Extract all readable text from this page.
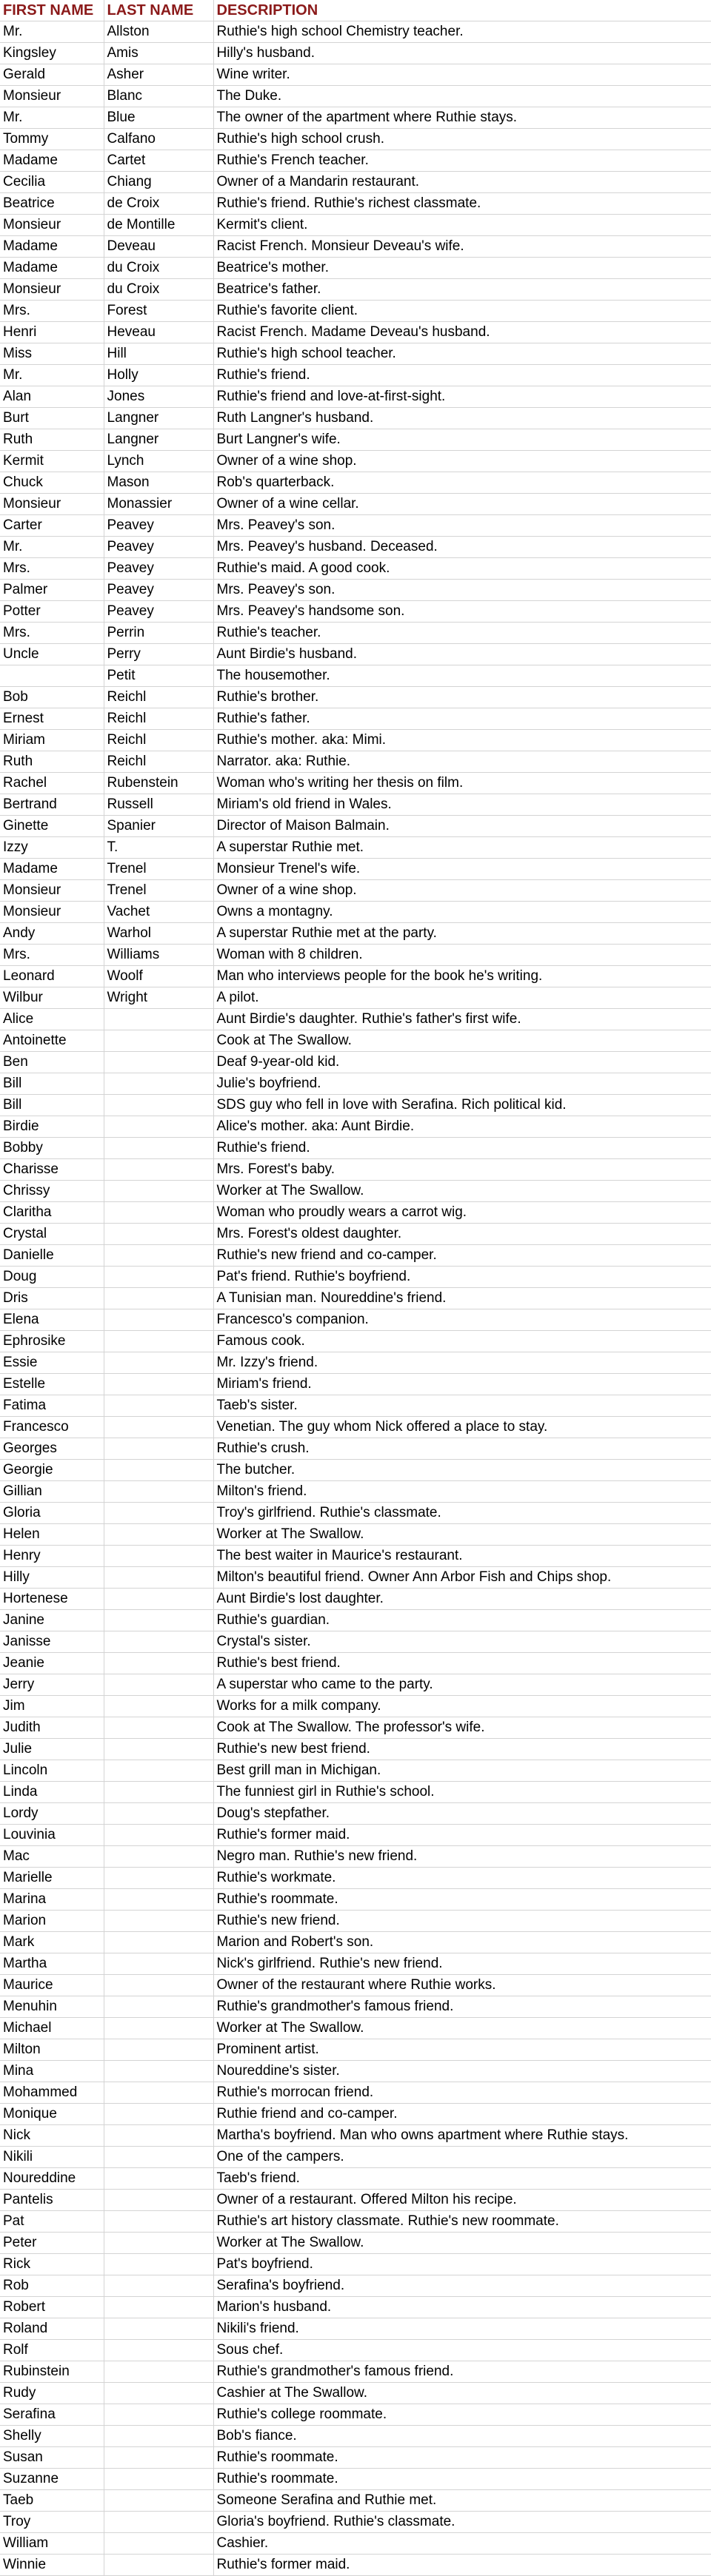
FIRST NAME	LAST NAME	DESCRIPTION
Mr.	Allston	Ruthie's high school Chemistry teacher.
Kingsley	Amis	Hilly's husband.
Gerald	Asher	Wine writer.
Monsieur	Blanc	The Duke.
Mr.	Blue	The owner of the apartment where Ruthie stays.
Tommy	Calfano	Ruthie's high school crush.
Madame	Cartet	Ruthie's French teacher.
Cecilia	Chiang	Owner of a Mandarin restaurant.
Beatrice	de Croix	Ruthie's friend. Ruthie's richest classmate.
Monsieur	de Montille	Kermit's client.
Madame	Deveau	Racist French. Monsieur Deveau's wife.
Madame	du Croix	Beatrice's mother.
Monsieur	du Croix	Beatrice's father.
Mrs.	Forest	Ruthie's favorite client.
Henri	Heveau	Racist French. Madame Deveau's husband.
Miss	Hill	Ruthie's high school teacher.
Mr.	Holly	Ruthie's friend.
Alan	Jones	Ruthie's friend and love-at-first-sight.
Burt	Langner	Ruth Langner's husband.
Ruth	Langner	Burt Langner's wife.
Kermit	Lynch	Owner of a wine shop.
Chuck	Mason	Rob's quarterback.
Monsieur	Monassier	Owner of a wine cellar.
Carter	Peavey	Mrs. Peavey's son.
Mr.	Peavey	Mrs. Peavey's husband. Deceased.
Mrs.	Peavey	Ruthie's maid. A good cook.
Palmer	Peavey	Mrs. Peavey's son.
Potter	Peavey	Mrs. Peavey's handsome son.
Mrs.	Perrin	Ruthie's teacher.
Uncle	Perry	Aunt Birdie's husband.
	Petit	The housemother.
Bob	Reichl	Ruthie's brother.
Ernest	Reichl	Ruthie's father.
Miriam	Reichl	Ruthie's mother. aka: Mimi.
Ruth	Reichl	Narrator. aka: Ruthie.
Rachel	Rubenstein	Woman who's writing her thesis on film.
Bertrand	Russell	Miriam's old friend in Wales.
Ginette	Spanier	Director of Maison Balmain.
Izzy	T.	A superstar Ruthie met.
Madame	Trenel	Monsieur Trenel's wife.
Monsieur	Trenel	Owner of a wine shop.
Monsieur	Vachet	Owns a montagny.
Andy	Warhol	A superstar Ruthie met at the party.
Mrs.	Williams	Woman with 8 children.
Leonard	Woolf	Man who interviews people for the book he's writing.
Wilbur	Wright	A pilot.
Alice		Aunt Birdie's daughter. Ruthie's father's first wife.
Antoinette		Cook at The Swallow.
Ben		Deaf 9-year-old kid.
Bill		Julie's boyfriend.
Bill		SDS guy who fell in love with Serafina. Rich political kid.
Birdie		Alice's mother. aka: Aunt Birdie.
Bobby		Ruthie's friend.
Charisse		Mrs. Forest's baby.
Chrissy		Worker at The Swallow.
Claritha		Woman who proudly wears a carrot wig.
Crystal		Mrs. Forest's oldest daughter.
Danielle		Ruthie's new friend and co-camper.
Doug		Pat's friend. Ruthie's boyfriend.
Dris		A Tunisian man. Noureddine's friend.
Elena		Francesco's companion.
Ephrosike		Famous cook.
Essie		Mr. Izzy's friend.
Estelle		Miriam's friend.
Fatima		Taeb's sister.
Francesco		Venetian. The guy whom Nick offered a place to stay.
Georges		Ruthie's crush.
Georgie		The butcher.
Gillian		Milton's friend.
Gloria		Troy's girlfriend. Ruthie's classmate.
Helen		Worker at The Swallow.
Henry		The best waiter in Maurice's restaurant.
Hilly		Milton's beautiful friend. Owner Ann Arbor Fish and Chips shop.
Hortenese		Aunt Birdie's lost daughter.
Janine		Ruthie's guardian.
Janisse		Crystal's sister.
Jeanie		Ruthie's best friend.
Jerry		A superstar who came to the party.
Jim		Works for a milk company.
Judith		Cook at The Swallow. The professor's wife.
Julie		Ruthie's new best friend.
Lincoln		Best grill man in Michigan.
Linda		The funniest girl in Ruthie's school.
Lordy		Doug's stepfather.
Louvinia		Ruthie's former maid.
Mac		Negro man. Ruthie's new friend.
Marielle		Ruthie's workmate.
Marina		Ruthie's roommate.
Marion		Ruthie's new friend.
Mark		Marion and Robert's son.
Martha		Nick's girlfriend. Ruthie's new friend.
Maurice		Owner of the restaurant where Ruthie works.
Menuhin		Ruthie's grandmother's famous friend.
Michael		Worker at The Swallow.
Milton		Prominent artist.
Mina		Noureddine's sister.
Mohammed		Ruthie's morrocan friend.
Monique		Ruthie friend and co-camper.
Nick		Martha's boyfriend. Man who owns apartment where Ruthie stays.
Nikili		One of the campers.
Noureddine		Taeb's friend.
Pantelis		Owner of a restaurant. Offered Milton his recipe.
Pat		Ruthie's art history classmate. Ruthie's new roommate.
Peter		Worker at The Swallow.
Rick		Pat's boyfriend.
Rob		Serafina's boyfriend.
Robert		Marion's husband.
Roland		Nikili's friend.
Rolf		Sous chef.
Rubinstein		Ruthie's grandmother's famous friend.
Rudy		Cashier at The Swallow.
Serafina		Ruthie's college roommate.
Shelly		Bob's fiance.
Susan		Ruthie's roommate.
Suzanne		Ruthie's roommate.
Taeb		Someone Serafina and Ruthie met.
Troy		Gloria's boyfriend. Ruthie's classmate.
William		Cashier.
Winnie		Ruthie's former maid.
